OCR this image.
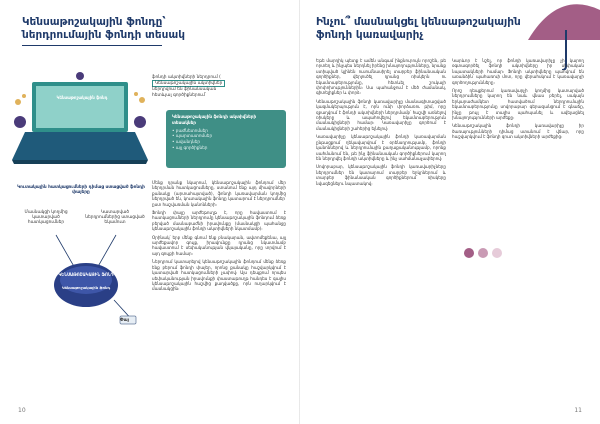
Կենսաթոշակային ֆոնդը՝
ներդրումային ֆոնդի տեսակ
Կենսաթոշակային ֆոնդ
ֆոնդի ակտիվների ներդրում (
Կենսաթոշակային ակտիվներ
ներդրվում են ֆինանսական
հետևյալ գործիքներում՝
Կենսաթոշակային ֆոնդի ակտիվների տեսակներ
• բաժնետոմսեր
• պարտատոմսեր
• ավանդներ
• այլ գործիքներ
Կուտակային հատկացումների դիմաց ստացված ֆոնդի փայերը
Մասնակցի կողմից կատարված հատկացումներ
Կատարված ներդրումներից ստացված եկամուտ
ԿԵՆՍԱԹՈՇԱԿԱՅԻՆ ՖՈՆԴ
Կենսաթոշակային ֆոնդ
Փայ

Մենք դրանք նկարում, կենսաթոշակային ֆոնդում մեր ներդրման հատկացումները, ստանում ենք այդ միավորների քանակը (արտահայտված), ֆոնդի կառավարման կողմից ներդրված են, կուտակային ֆոնդը կատարում է ներդրումներ՝ ըստ հաշվառման կանոնների։

Ֆոնդի փայը արժեթուղթ է, որը հավաստում է հատկացումների ներդրումը կենսաթոշակային ֆոնդում ձեռք բերված մասնաբաժնի իրավունքը (մասնակցի պահանջը կենսաթոշակային ֆոնդի ակտիվների նկատմամբ)։

Օրինակ՝ երբ մենք գնում ենք բնակարան, ավտոմեքենա, այլ արժեքավոր գույք, իրավունքը դրանց նկատմամբ հավաստում է սեփականության վկայականը, որը տրվում է այդ գույքի համար։

Ներդրում կատարելով կենսաթոշակային ֆոնդում մենք ձեռք ենք բերում ֆոնդի փայեր, որոնց քանակը հաշվարկվում է կատարված հատկացումների չափով։ Այս դեպքում որպես սեփականության իրավունքի փաստաթուղթ հանդես է գալիս կենսաթոշակային հաշվից քաղվածքը, որն ուղարկվում է մասնակցին։

10
Ինչու՞ մասնակցել կենսաթոշակային
ֆոնդի կառավարիչ

Եթե մարդիկ պետք է ամեն անգամ ինքնուրույն որոշեն, թե որտեղ և ինչպես ներդնել իրենց խնայողությունները, նրանք ստիպված կլինեն ուսումնասիրել տարբեր ֆինանսական գործիքներ, վերլուծել դրանց ռիսկերն ու եկամտաբերությունը, հետևել շուկայի փոփոխություններին։ Սա պահանջում է մեծ ժամանակ, գիտելիքներ և փորձ։

Կենսաթոշակային ֆոնդի կառավարիչը մասնագիտացված կազմակերպություն է, որն ունի փորձառու թիմ, որը զբաղվում է ֆոնդի ակտիվների ներդրմամբ՝ հաշվի առնելով ռիսկերը և ապահովելով եկամտաբերություն մասնակիցների համար։ Կառավարիչը գործում է մասնակիցների շահերից ելնելով։

Կառավարիչը կենսաթոշակային ֆոնդի կառավարման ընթացքում ղեկավարվում է օրենսդրությամբ, ֆոնդի կանոններով և ներդրումային քաղաքականությամբ, որոնք սահմանում են, թե ինչ ֆինանսական գործիքներում կարող են ներդրվել ֆոնդի ակտիվները և ինչ սահմանաչափերով։

Սովորաբար, կենսաթոշակային ֆոնդի կառավարիչները ներդրումներ են կատարում տարբեր երկրներում և տարբեր ֆինանսական գործիքներում՝ ռիսկերը նվազեցնելու նպատակով։

Կարևոր է նշել, որ ֆոնդի կառավարիչը չի կարող օգտագործել ֆոնդի ակտիվները իր սեփական նպատակների համար։ Ֆոնդի ակտիվները պահվում են առանձին՝ պահառուի մոտ, որը վերահսկում է կառավարչի գործողությունները։

Որոշ դեպքերում կառավարչի կողմից կատարված ներդրումները կարող են նաև վնաս բերել, սակայն երկարաժամկետ հատվածում ներդրումային եկամտաբերությունը սովորաբար գերազանցում է գնաճը, ինչը թույլ է տալիս պահպանել և ավելացնել խնայողությունների արժեքը։

Կենսաթոշակային ֆոնդի կառավարիչը իր ծառայությունների դիմաց ստանում է վճար, որը հաշվարկվում է ֆոնդի զուտ ակտիվների արժեքից։

11
